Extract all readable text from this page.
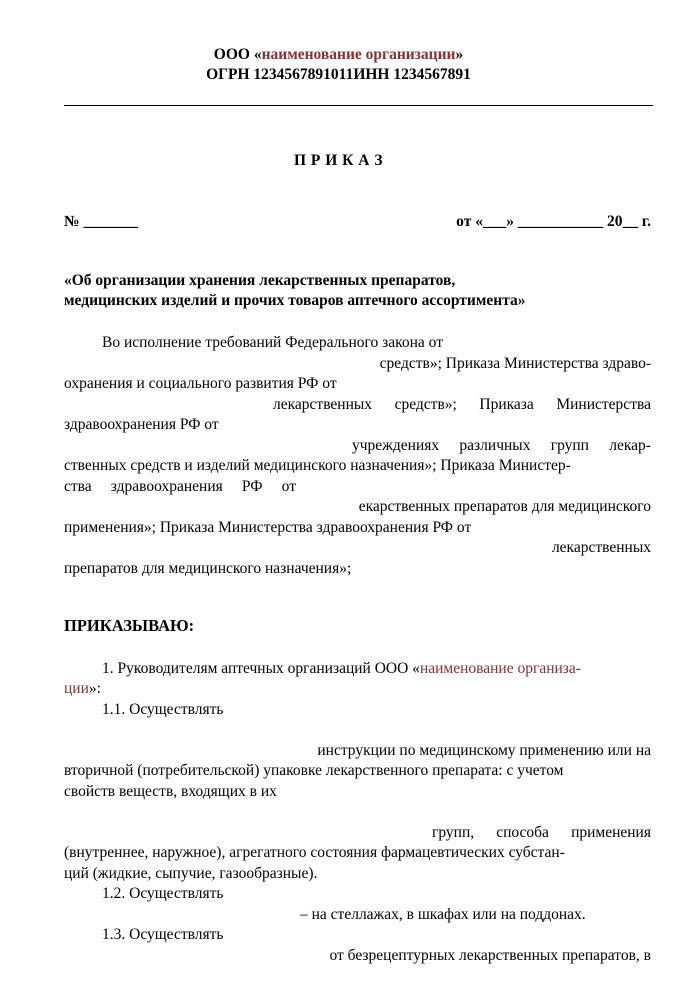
ООО «наименование организации»
ОГРН 1234567891011ИНН 1234567891
П Р И К А З
№ _______	от «___» ___________ 20__ г.
«Об организации хранения лекарственных препаратов,
медицинских изделий и прочих товаров аптечного ассортимента»
Во исполнение требований Федерального закона от
средств»; Приказа Министерства здраво-
охранения и социального развития РФ от
лекарственных средств»; Приказа Министерства
здравоохранения РФ от
учреждениях различных групп лекар-
ственных средств и изделий медицинского назначения»; Приказа Министер-
ства здравоохранения РФ от
екарственных препаратов для медицинского
применения»; Приказа Министерства здравоохранения РФ от
лекарственных
препаратов для медицинского назначения»;
ПРИКАЗЫВАЮ:
1. Руководителям аптечных организаций ООО «наименование организа-
ции»:
1.1. Осуществлять
инструкции по медицинскому применению или на
вторичной (потребительской) упаковке лекарственного препарата: с учетом
свойств веществ, входящих в их
групп, способа применения
(внутреннее, наружное), агрегатного состояния фармацевтических субстан-
ций (жидкие, сыпучие, газообразные).
1.2. Осуществлять
– на стеллажах, в шкафах или на поддонах.
1.3. Осуществлять
от безрецептурных лекарственных препаратов, в
